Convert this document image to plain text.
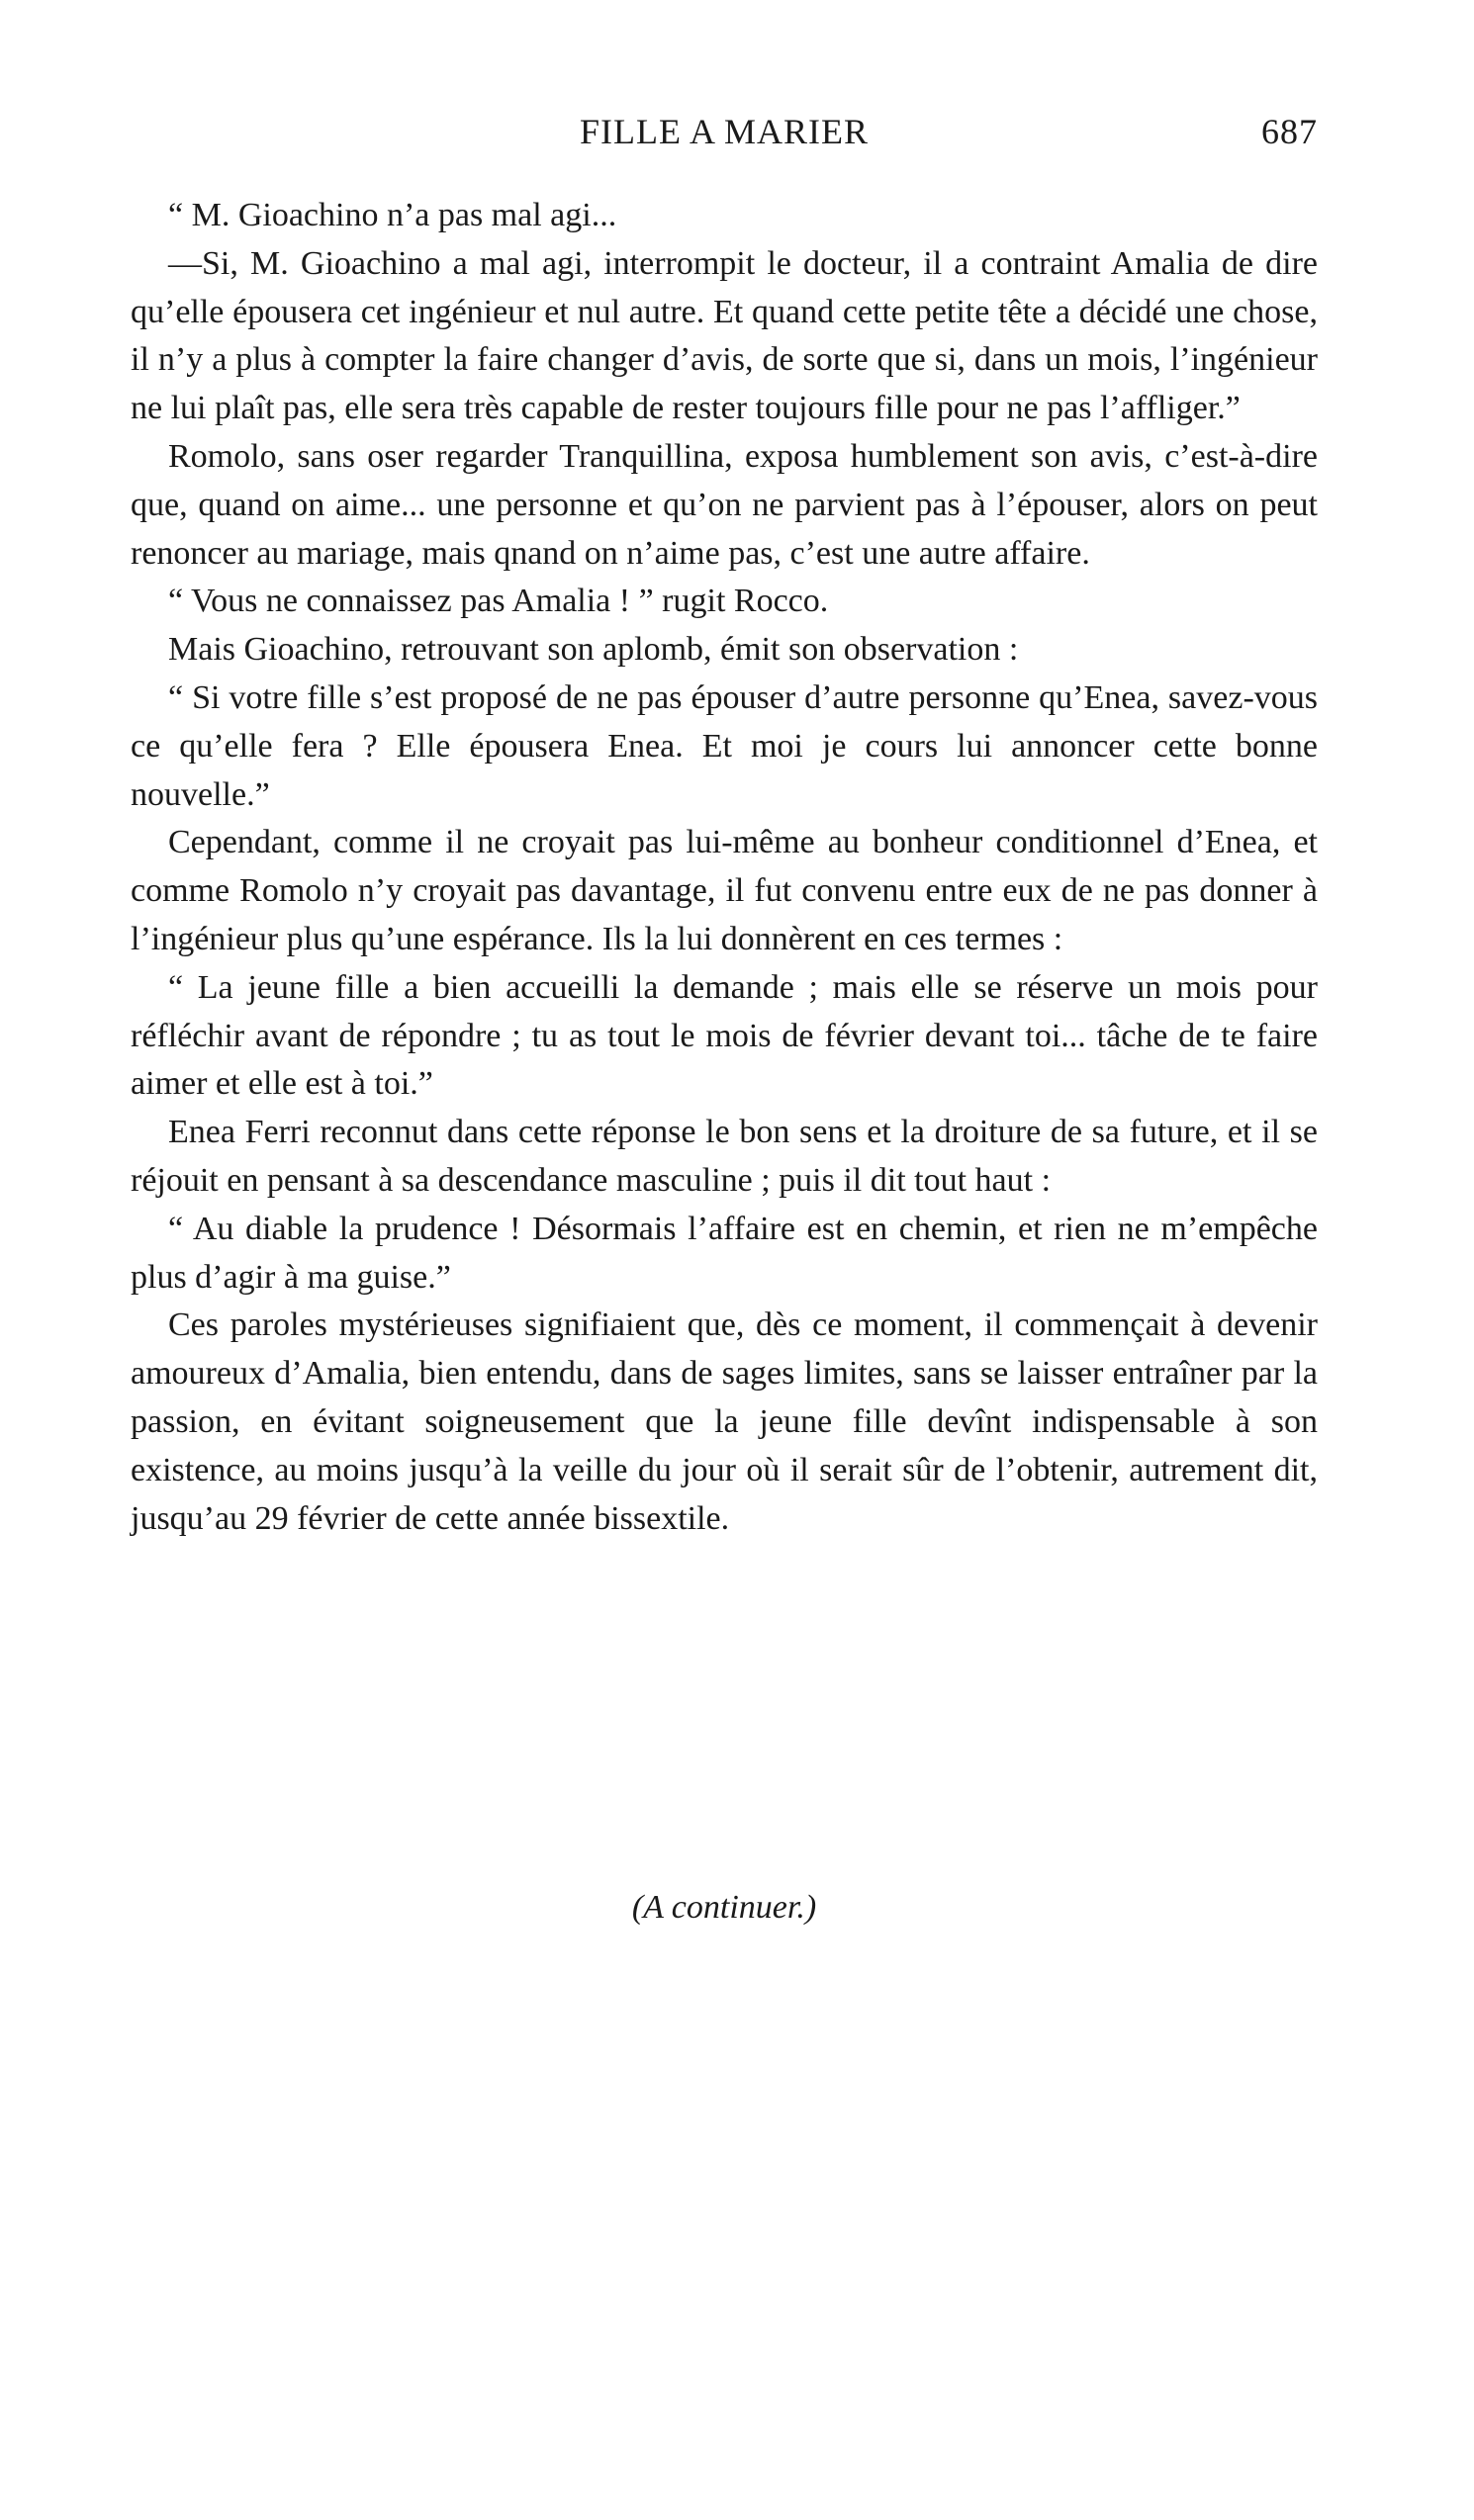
FILLE A MARIER	687

“ M. Gioachino n’a pas mal agi...

—Si, M. Gioachino a mal agi, interrompit le docteur, il a contraint Amalia de dire qu’elle épousera cet ingénieur et nul autre. Et quand cette petite tête a décidé une chose, il n’y a plus à compter la faire changer d’avis, de sorte que si, dans un mois, l’ingénieur ne lui plaît pas, elle sera très capable de rester toujours fille pour ne pas l’affliger.”

Romolo, sans oser regarder Tranquillina, exposa humblement son avis, c’est-à-dire que, quand on aime... une personne et qu’on ne parvient pas à l’épouser, alors on peut renoncer au mariage, mais qnand on n’aime pas, c’est une autre affaire.

“ Vous ne connaissez pas Amalia ! ” rugit Rocco.

Mais Gioachino, retrouvant son aplomb, émit son observation :

“ Si votre fille s’est proposé de ne pas épouser d’autre personne qu’Enea, savez-vous ce qu’elle fera ? Elle épousera Enea. Et moi je cours lui annoncer cette bonne nouvelle.”

Cependant, comme il ne croyait pas lui-même au bonheur conditionnel d’Enea, et comme Romolo n’y croyait pas davantage, il fut convenu entre eux de ne pas donner à l’ingénieur plus qu’une espérance. Ils la lui donnèrent en ces termes :

“ La jeune fille a bien accueilli la demande ; mais elle se réserve un mois pour réfléchir avant de répondre ; tu as tout le mois de février devant toi... tâche de te faire aimer et elle est à toi.”

Enea Ferri reconnut dans cette réponse le bon sens et la droiture de sa future, et il se réjouit en pensant à sa descendance masculine ; puis il dit tout haut :

“ Au diable la prudence ! Désormais l’affaire est en chemin, et rien ne m’empêche plus d’agir à ma guise.”

Ces paroles mystérieuses signifiaient que, dès ce moment, il commençait à devenir amoureux d’Amalia, bien entendu, dans de sages limites, sans se laisser entraîner par la passion, en évitant soigneusement que la jeune fille devînt indispensable à son existence, au moins jusqu’à la veille du jour où il serait sûr de l’obtenir, autrement dit, jusqu’au 29 février de cette année bissextile.

(A continuer.)
